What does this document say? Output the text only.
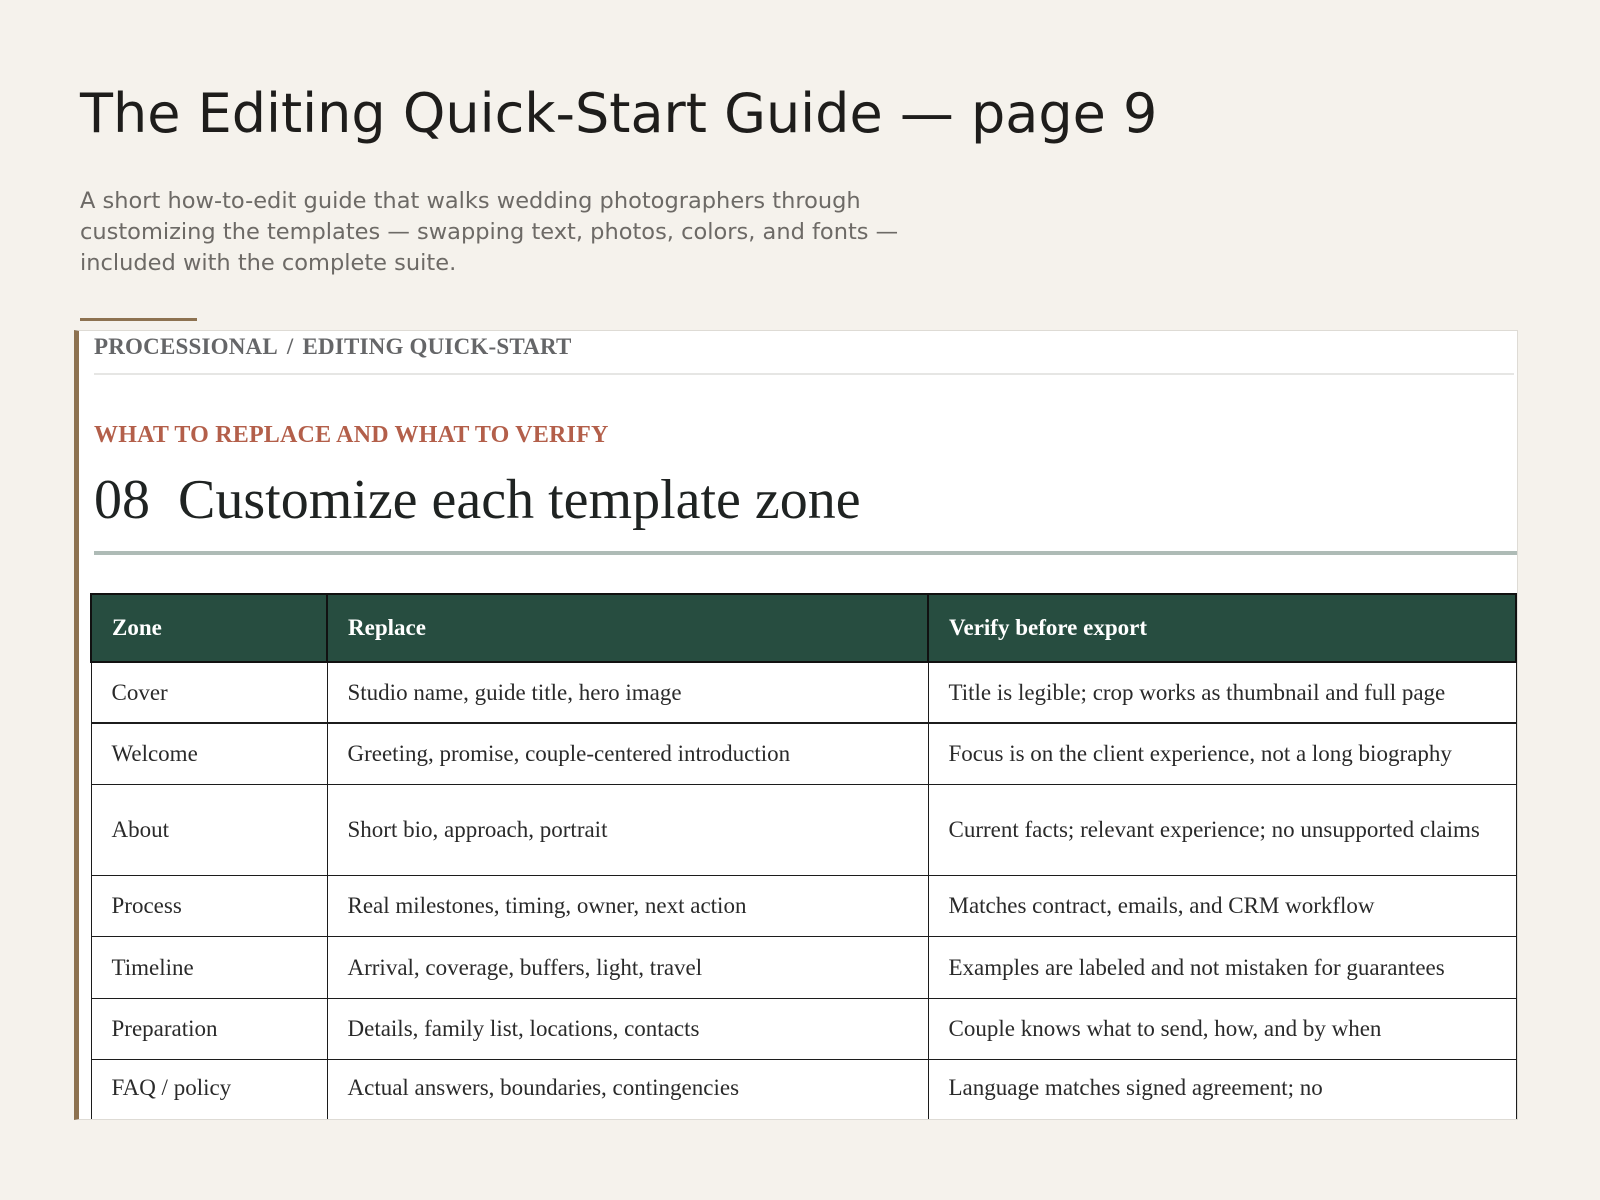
The Editing Quick-Start Guide — page 9

A short how-to-edit guide that walks wedding photographers through customizing the templates — swapping text, photos, colors, and fonts — included with the complete suite.

PROCESSIONAL / EDITING QUICK-START
WHAT TO REPLACE AND WHAT TO VERIFY
08 Customize each template zone
Zone	Replace	Verify before export
Cover	Studio name, guide title, hero image	Title is legible; crop works as thumbnail and full page
Welcome	Greeting, promise, couple-centered introduction	Focus is on the client experience, not a long biography
About	Short bio, approach, portrait	Current facts; relevant experience; no unsupported claims
Process	Real milestones, timing, owner, next action	Matches contract, emails, and CRM workflow
Timeline	Arrival, coverage, buffers, light, travel	Examples are labeled and not mistaken for guarantees
Preparation	Details, family list, locations, contacts	Couple knows what to send, how, and by when
FAQ / policy	Actual answers, boundaries, contingencies	Language matches signed agreement; no
